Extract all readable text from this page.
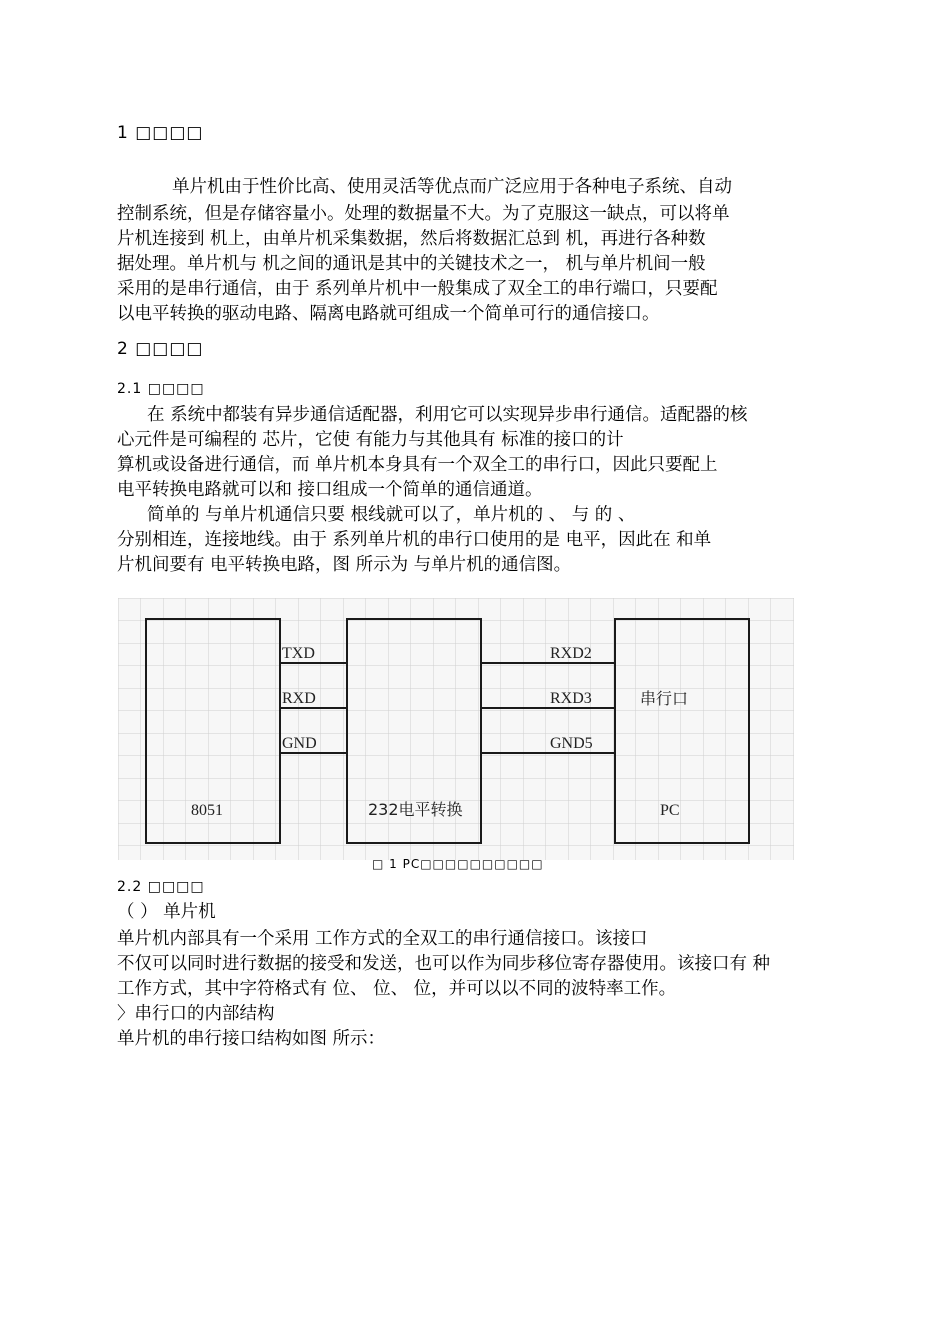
1 □□□□
单片机由于性价比高、使用灵活等优点而广泛应用于各种电子系统、自动
控制系统，但是存储容量小。处理的数据量不大。为了克服这一缺点，可以将单
片机连接到 机上，由单片机采集数据，然后将数据汇总到 机，再进行各种数
据处理。单片机与 机之间的通讯是其中的关键技术之一， 机与单片机间一般
采用的是串行通信，由于 系列单片机中一般集成了双全工的串行端口，只要配
以电平转换的驱动电路、隔离电路就可组成一个简单可行的通信接口。
2 □□□□
2.1 □□□□
在 系统中都装有异步通信适配器，利用它可以实现异步串行通信。适配器的核
心元件是可编程的 芯片，它使 有能力与其他具有 标准的接口的计
算机或设备进行通信，而 单片机本身具有一个双全工的串行口，因此只要配上
电平转换电路就可以和 接口组成一个简单的通信通道。
简单的 与单片机通信只要 根线就可以了，单片机的 、 与 的 、
分别相连，连接地线。由于 系列单片机的串行口使用的是 电平，因此在 和单
片机间要有 电平转换电路，图 所示为 与单片机的通信图。
TXD
RXD
GND
RXD2
RXD3
GND5
8051	232电平转换	PC
串行口
□ 1 PC□□□□□□□□□□
2.2 □□□□
（ ） 单片机
单片机内部具有一个采用 工作方式的全双工的串行通信接口。该接口
不仅可以同时进行数据的接受和发送，也可以作为同步移位寄存器使用。该接口有 种
工作方式，其中字符格式有 位、 位、 位，并可以以不同的波特率工作。
〉串行口的内部结构
单片机的串行接口结构如图 所示：
